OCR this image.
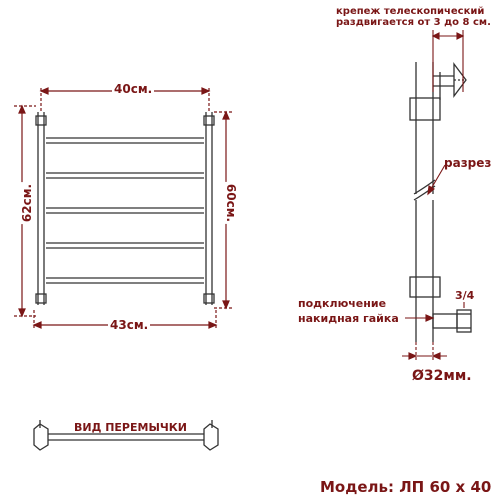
40см.
43см.
62см.	60см.
крепеж телескопический
раздвигается от 3 до 8 см.
разрез
подключение
накидная гайка
3/4
Ø32мм.
ВИД ПЕРЕМЫЧКИ
Модель: ЛП 60 х 40
